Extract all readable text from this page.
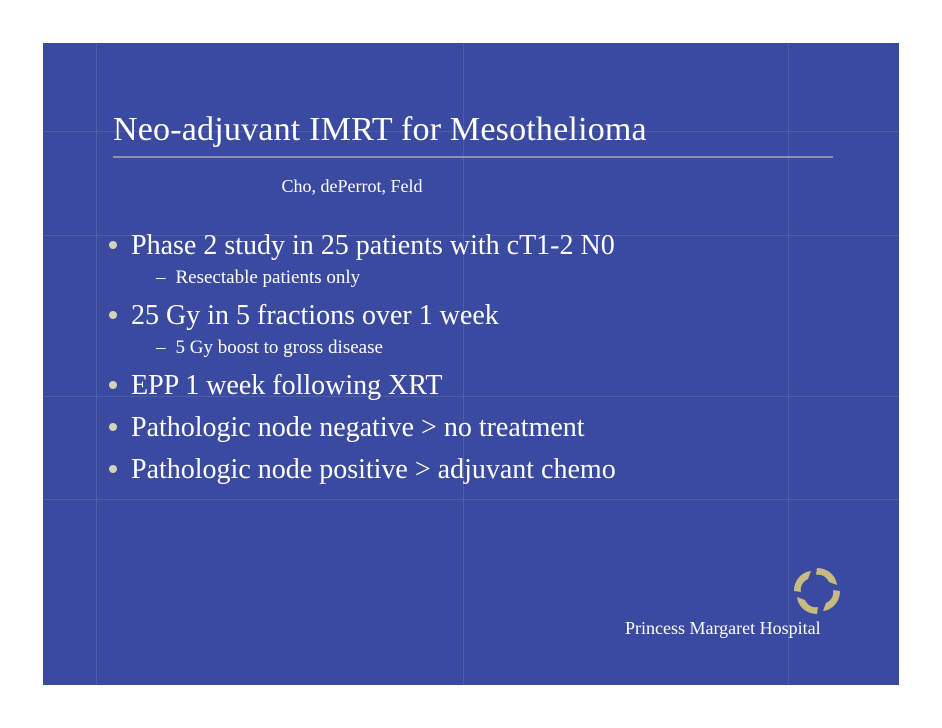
Neo-adjuvant IMRT for Mesothelioma
Cho, dePerrot, Feld
Phase 2 study in 25 patients with cT1-2 N0
– Resectable patients only
25 Gy in 5 fractions over 1 week
– 5 Gy boost to gross disease
EPP 1 week following XRT
Pathologic node negative > no treatment
Pathologic node positive > adjuvant chemo
Princess Margaret Hospital
